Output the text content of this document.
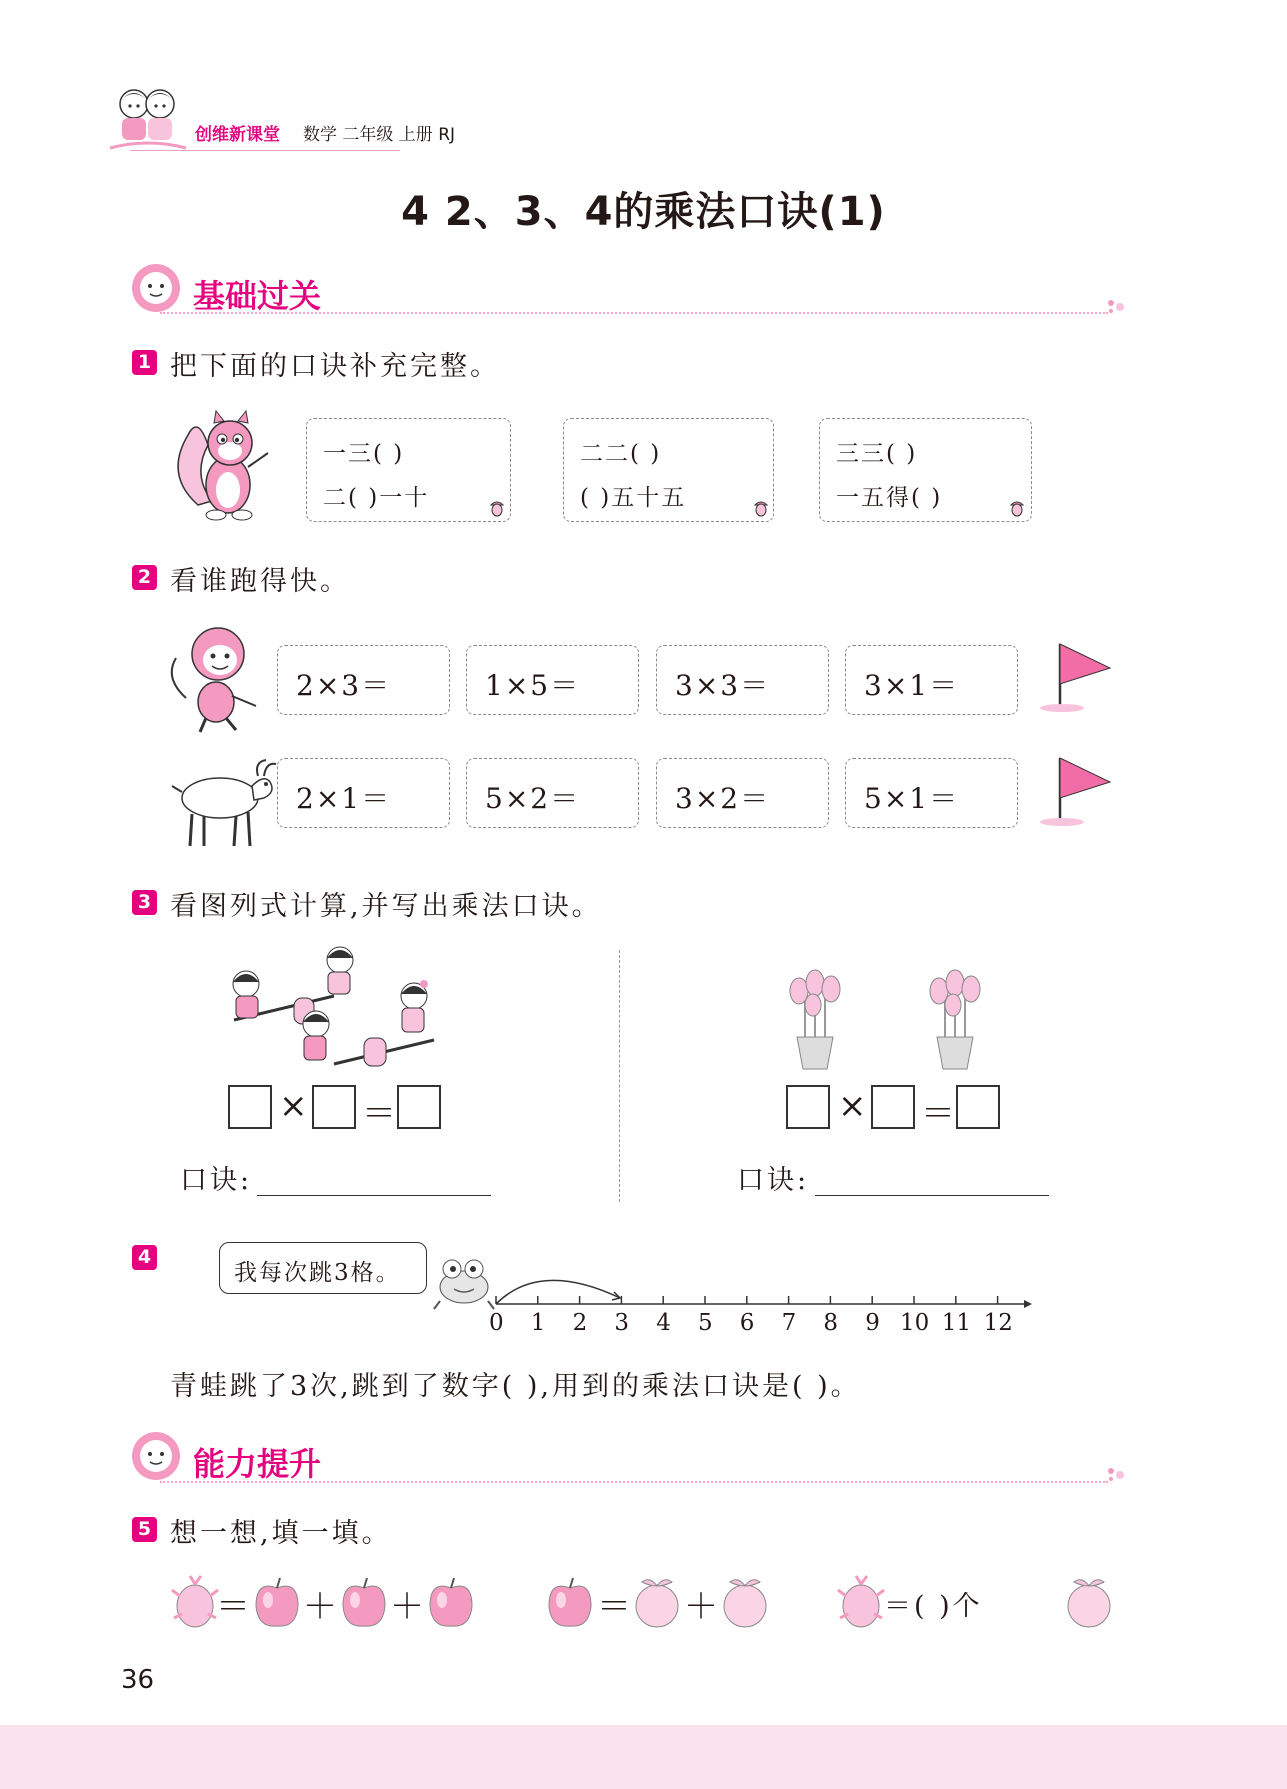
创维新课堂 数学 二年级 上册 RJ
4 2、3、4的乘法口诀(1)
基础过关
1 把下面的口诀补充完整。
一三( )
二( )一十
二二( )
( )五十五
三三( )
一五得( )
2 看谁跑得快。
2×3＝	1×5＝	3×3＝	3×1＝
2×1＝	5×2＝	3×2＝	5×1＝
3 看图列式计算,并写出乘法口诀。
× ＝
口诀:
× ＝
口诀:
4
我每次跳3格。
0 1 2 3 4 5 6 7 8 9 10 11 12
青蛙跳了3次,跳到了数字( ),用到的乘法口诀是( )。
能力提升
5 想一想,填一填。
＝ ＋ ＋	＝ ＋	＝( )个
36
